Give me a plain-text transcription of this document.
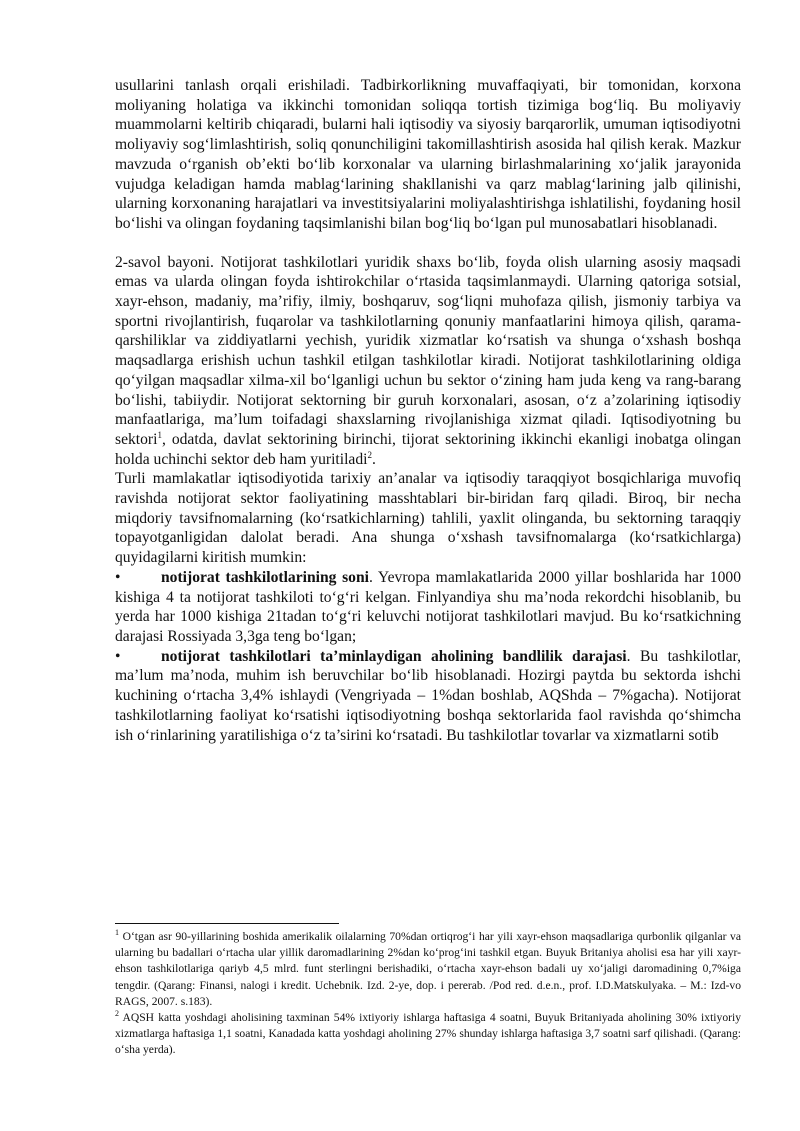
usullarini tanlash orqali erishiladi. Tadbirkorlikning muvaffaqiyati, bir tomonidan, korxona moliyaning holatiga va ikkinchi tomonidan soliqqa tortish tizimiga bog‘liq. Bu moliyaviy muammolarni keltirib chiqaradi, bularni hali iqtisodiy va siyosiy barqarorlik, umuman iqtisodiyotni moliyaviy sog‘limlashtirish, soliq qonunchiligini takomillashtirish asosida hal qilish kerak. Mazkur mavzuda o‘rganish ob’ekti bo‘lib korxonalar va ularning birlashmalarining xo‘jalik jarayonida vujudga keladigan hamda mablag‘larining shakllanishi va qarz mablag‘larining jalb qilinishi, ularning korxonaning harajatlari va investitsiyalarini moliyalashtirishga ishlatilishi, foydaning hosil bo‘lishi va olingan foydaning taqsimlanishi bilan bog‘liq bo‘lgan pul munosabatlari hisoblanadi.

2-savol bayoni. Notijorat tashkilotlari yuridik shaxs bo‘lib, foyda olish ularning asosiy maqsadi emas va ularda olingan foyda ishtirokchilar o‘rtasida taqsimlanmaydi. Ularning qatoriga sotsial, xayr-ehson, madaniy, ma’rifiy, ilmiy, boshqaruv, sog‘liqni muhofaza qilish, jismoniy tarbiya va sportni rivojlantirish, fuqarolar va tashkilotlarning qonuniy manfaatlarini himoya qilish, qarama-qarshiliklar va ziddiyatlarni yechish, yuridik xizmatlar ko‘rsatish va shunga o‘xshash boshqa maqsadlarga erishish uchun tashkil etilgan tashkilotlar kiradi. Notijorat tashkilotlarining oldiga qo‘yilgan maqsadlar xilma-xil bo‘lganligi uchun bu sektor o‘zining ham juda keng va rang-barang bo‘lishi, tabiiydir. Notijorat sektorning bir guruh korxonalari, asosan, o‘z a’zolarining iqtisodiy manfaatlariga, ma’lum toifadagi shaxslarning rivojlanishiga xizmat qiladi. Iqtisodiyotning bu sektori$^1$, odatda, davlat sektorining birinchi, tijorat sektorining ikkinchi ekanligi inobatga olingan holda uchinchi sektor deb ham yuritiladi$^2$.

Turli mamlakatlar iqtisodiyotida tarixiy an’analar va iqtisodiy taraqqiyot bosqichlariga muvofiq ravishda notijorat sektor faoliyatining masshtablari bir-biridan farq qiladi. Biroq, bir necha miqdoriy tavsifnomalarning (ko‘rsatkichlarning) tahlili, yaxlit olinganda, bu sektorning taraqqiy topayotganligidan dalolat beradi. Ana shunga o‘xshash tavsifnomalarga (ko‘rsatkichlarga) quyidagilarni kiritish mumkin:

•	notijorat tashkilotlarining soni. Yevropa mamlakatlarida 2000 yillar boshlarida har 1000 kishiga 4 ta notijorat tashkiloti to‘g‘ri kelgan. Finlyandiya shu ma’noda rekordchi hisoblanib, bu yerda har 1000 kishiga 21tadan to‘g‘ri keluvchi notijorat tashkilotlari mavjud. Bu ko‘rsatkichning darajasi Rossiyada 3,3ga teng bo‘lgan;

•	notijorat tashkilotlari ta’minlaydigan aholining bandlilik darajasi. Bu tashkilotlar, ma’lum ma’noda, muhim ish beruvchilar bo‘lib hisoblanadi. Hozirgi paytda bu sektorda ishchi kuchining o‘rtacha 3,4% ishlaydi (Vengriyada – 1%dan boshlab, AQShda – 7%gacha). Notijorat tashkilotlarning faoliyat ko‘rsatishi iqtisodiyotning boshqa sektorlarida faol ravishda qo‘shimcha ish o‘rinlarining yaratilishiga o‘z ta’sirini ko‘rsatadi. Bu tashkilotlar tovarlar va xizmatlarni sotib

$^1$ O‘tgan asr 90-yillarining boshida amerikalik oilalarning 70%dan ortiqrog‘i har yili xayr-ehson maqsadlariga qurbonlik qilganlar va ularning bu badallari o‘rtacha ular yillik daromadlarining 2%dan ko‘prog‘ini tashkil etgan. Buyuk Britaniya aholisi esa har yili xayr-ehson tashkilotlariga qariyb 4,5 mlrd. funt sterlingni berishadiki, o‘rtacha xayr-ehson badali uy xo‘jaligi daromadining 0,7%iga tengdir. (Qarang: Finansi, nalogi i kredit. Uchebnik. Izd. 2-ye, dop. i pererab. /Pod red. d.e.n., prof. I.D.Matskulyaka. – M.: Izd-vo RAGS, 2007. s.183).

$^2$ AQSH katta yoshdagi aholisining taxminan 54% ixtiyoriy ishlarga haftasiga 4 soatni, Buyuk Britaniyada aholining 30% ixtiyoriy xizmatlarga haftasiga 1,1 soatni, Kanadada katta yoshdagi aholining 27% shunday ishlarga haftasiga 3,7 soatni sarf qilishadi. (Qarang: o‘sha yerda).
